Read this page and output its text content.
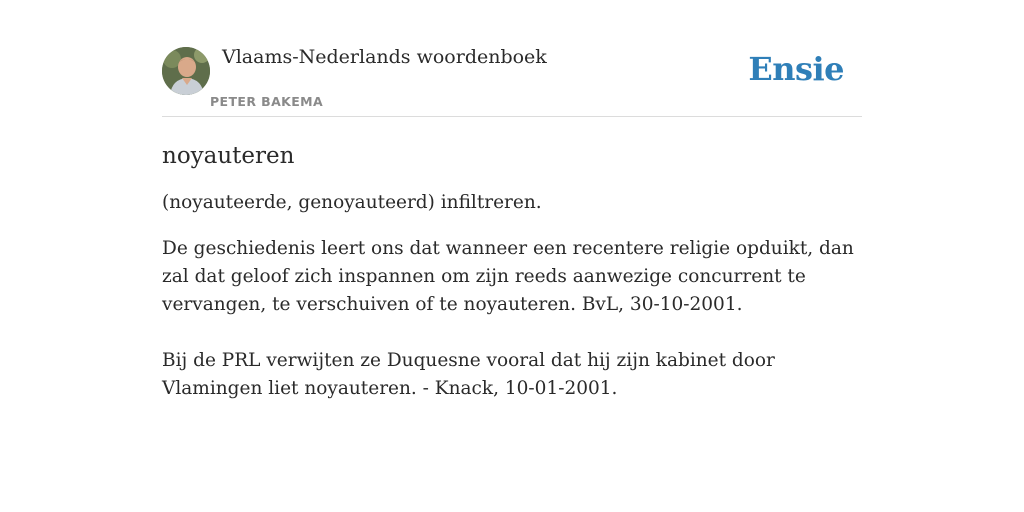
Vlaams-Nederlands woordenboek
PETER BAKEMA
Ensie
noyauteren

(noyauteerde, genoyauteerd) infiltreren.

De geschiedenis leert ons dat wanneer een recentere religie opduikt, dan zal dat geloof zich inspannen om zijn reeds aanwezige concurrent te vervangen, te verschuiven of te noyauteren. BvL, 30-10-2001.

Bij de PRL verwijten ze Duquesne vooral dat hij zijn kabinet door Vlamingen liet noyauteren. - Knack, 10-01-2001.
